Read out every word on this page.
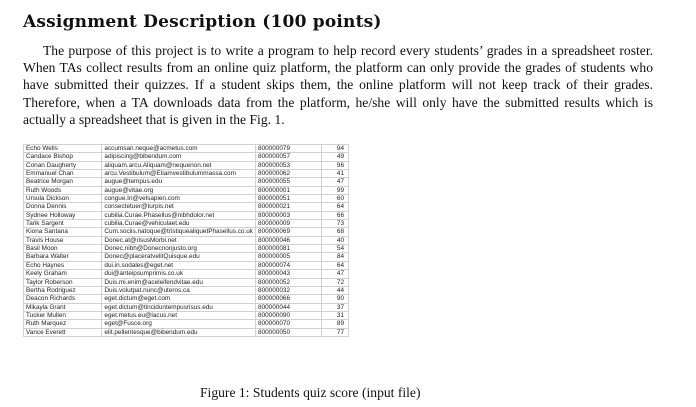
Assignment Description (100 points)
The purpose of this project is to write a program to help record every students’ grades in a spreadsheet roster. When TAs collect results from an online quiz platform, the platform can only provide the grades of students who have submitted their quizzes. If a student skips them, the online platform will not keep track of their grades. Therefore, when a TA downloads data from the platform, he/she will only have the submitted results which is actually a spreadsheet that is given in the Fig. 1.
Echo Wells	accumsan.neque@acmetus.com	800000079	94
Candace Bishop	adipiscing@bibendum.com	800000057	49
Conan Daugherty	aliquam.arcu.Aliquam@nequenon.net	800000053	96
Emmanuel Chan	arcu.Vestibulum@Etiamvestibulummassa.com	800000062	41
Beatrice Morgan	augue@tempus.edu	800000055	47
Ruth Woods	augue@vitae.org	800000001	99
Ursula Dickson	congue.In@velsapien.com	800000051	60
Donna Dennis	consectetuer@turpis.net	800000021	64
Sydnee Holloway	cubilia.Curae.Phasellus@nibhdolor.net	800000003	66
Tarik Sargent	cubilia.Curae@vehiculaet.edu	800000009	73
Kiona Santana	Cum.sociis.natoque@tristiquealiquetPhasellus.co.uk	800000069	68
Travis House	Donec.at@risusMorbi.net	800000046	40
Basil Moon	Donec.nibh@Donecnonjusto.org	800000081	54
Barbara Walter	Donec@placeratvelitQuisque.edu	800000005	84
Echo Haynes	dui.in.sodales@eget.net	800000074	64
Keely Graham	dui@anteipsumprimis.co.uk	800000043	47
Taylor Roberson	Duis.mi.enim@aceleifendvitae.edu	800000052	72
Bertha Rodriguez	Duis.volutpat.nunc@uteros.ca	800000032	44
Deacon Richards	eget.dictum@eget.com	800000066	90
Mikayla Grant	eget.dictum@tinciduntempusrisus.edu	800000044	37
Tucker Mullen	eget.metus.eu@lacus.net	800000090	31
Ruth Marquez	eget@Fusce.org	800000070	89
Vance Everett	elit.pellentesque@bibendum.edu	800000050	77
Figure 1: Students quiz score (input file)
